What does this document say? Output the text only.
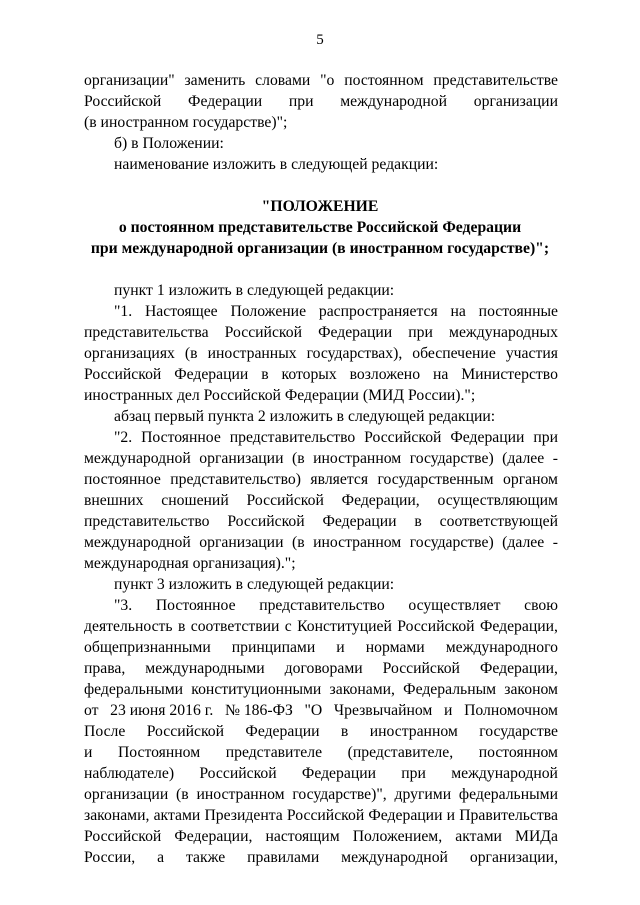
5
организации" заменить словами "о постоянном представительстве
Российской Федерации при международной организации
(в иностранном государстве)";
б) в Положении:
наименование изложить в следующей редакции:
"ПОЛОЖЕНИЕ
о постоянном представительстве Российской Федерации
при международной организации (в иностранном государстве)";
пункт 1 изложить в следующей редакции:
"1. Настоящее Положение распространяется на постоянные
представительства Российской Федерации при международных
организациях (в иностранных государствах), обеспечение участия
Российской Федерации в которых возложено на Министерство
иностранных дел Российской Федерации (МИД России).";
абзац первый пункта 2 изложить в следующей редакции:
"2. Постоянное представительство Российской Федерации при
международной организации (в иностранном государстве) (далее -
постоянное представительство) является государственным органом
внешних сношений Российской Федерации, осуществляющим
представительство Российской Федерации в соответствующей
международной организации (в иностранном государстве) (далее -
международная организация).";
пункт 3 изложить в следующей редакции:
"3. Постоянное представительство осуществляет свою
деятельность в соответствии с Конституцией Российской Федерации,
общепризнанными принципами и нормами международного
права, международными договорами Российской Федерации,
федеральными конституционными законами, Федеральным законом
от 23 июня 2016 г. № 186-ФЗ "О Чрезвычайном и Полномочном
После Российской Федерации в иностранном государстве
и Постоянном представителе (представителе, постоянном
наблюдателе) Российской Федерации при международной
организации (в иностранном государстве)", другими федеральными
законами, актами Президента Российской Федерации и Правительства
Российской Федерации, настоящим Положением, актами МИДа
России, а также правилами международной организации,
